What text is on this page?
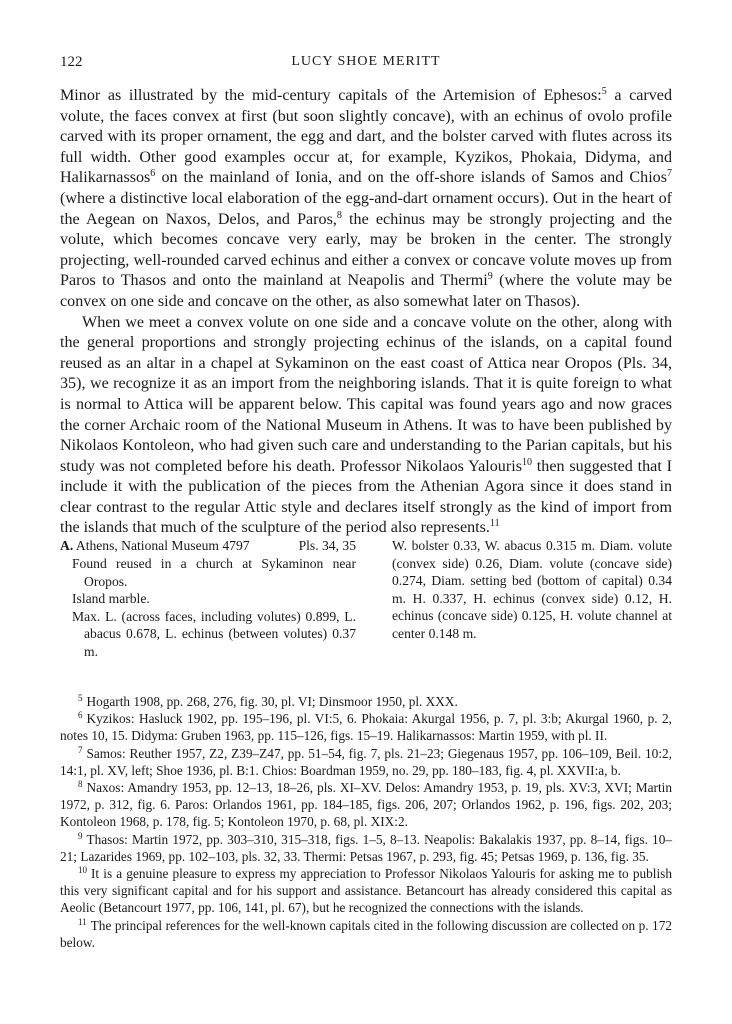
122	LUCY SHOE MERITT

Minor as illustrated by the mid-century capitals of the Artemision of Ephesos:$^5$ a carved volute, the faces convex at first (but soon slightly concave), with an echinus of ovolo profile carved with its proper ornament, the egg and dart, and the bolster carved with flutes across its full width. Other good examples occur at, for example, Kyzikos, Phokaia, Didyma, and Halikarnassos$^6$ on the mainland of Ionia, and on the off-shore islands of Samos and Chios$^7$ (where a distinctive local elaboration of the egg-and-dart ornament occurs). Out in the heart of the Aegean on Naxos, Delos, and Paros,$^8$ the echinus may be strongly projecting and the volute, which becomes concave very early, may be broken in the center. The strongly projecting, well-rounded carved echinus and either a convex or concave volute moves up from Paros to Thasos and onto the mainland at Neapolis and Thermi$^9$ (where the volute may be convex on one side and concave on the other, as also somewhat later on Thasos).

When we meet a convex volute on one side and a concave volute on the other, along with the general proportions and strongly projecting echinus of the islands, on a capital found reused as an altar in a chapel at Sykaminon on the east coast of Attica near Oropos (Pls. 34, 35), we recognize it as an import from the neighboring islands. That it is quite foreign to what is normal to Attica will be apparent below. This capital was found years ago and now graces the corner Archaic room of the National Museum in Athens. It was to have been published by Nikolaos Kontoleon, who had given such care and understanding to the Parian capitals, but his study was not completed before his death. Professor Nikolaos Yalouris$^{10}$ then suggested that I include it with the publication of the pieces from the Athenian Agora since it does stand in clear contrast to the regular Attic style and declares itself strongly as the kind of import from the islands that much of the sculpture of the period also represents.$^{11}$

A. Athens, National Museum 4797	Pls. 34, 35
Found reused in a church at Sykaminon near Oropos.
Island marble.
Max. L. (across faces, including volutes) 0.899, L. abacus 0.678, L. echinus (between volutes) 0.37 m.
W. bolster 0.33, W. abacus 0.315 m. Diam. volute (convex side) 0.26, Diam. volute (concave side) 0.274, Diam. setting bed (bottom of capital) 0.34 m. H. 0.337, H. echinus (convex side) 0.12, H. echinus (concave side) 0.125, H. volute channel at center 0.148 m.

$^5$ Hogarth 1908, pp. 268, 276, fig. 30, pl. VI; Dinsmoor 1950, pl. XXX.

$^6$ Kyzikos: Hasluck 1902, pp. 195–196, pl. VI:5, 6. Phokaia: Akurgal 1956, p. 7, pl. 3:b; Akurgal 1960, p. 2, notes 10, 15. Didyma: Gruben 1963, pp. 115–126, figs. 15–19. Halikarnassos: Martin 1959, with pl. II.

$^7$ Samos: Reuther 1957, Z2, Z39–Z47, pp. 51–54, fig. 7, pls. 21–23; Giegenaus 1957, pp. 106–109, Beil. 10:2, 14:1, pl. XV, left; Shoe 1936, pl. B:1. Chios: Boardman 1959, no. 29, pp. 180–183, fig. 4, pl. XXVII:a, b.

$^8$ Naxos: Amandry 1953, pp. 12–13, 18–26, pls. XI–XV. Delos: Amandry 1953, p. 19, pls. XV:3, XVI; Martin 1972, p. 312, fig. 6. Paros: Orlandos 1961, pp. 184–185, figs. 206, 207; Orlandos 1962, p. 196, figs. 202, 203; Kontoleon 1968, p. 178, fig. 5; Kontoleon 1970, p. 68, pl. XIX:2.

$^9$ Thasos: Martin 1972, pp. 303–310, 315–318, figs. 1–5, 8–13. Neapolis: Bakalakis 1937, pp. 8–14, figs. 10–21; Lazarides 1969, pp. 102–103, pls. 32, 33. Thermi: Petsas 1967, p. 293, fig. 45; Petsas 1969, p. 136, fig. 35.

$^{10}$ It is a genuine pleasure to express my appreciation to Professor Nikolaos Yalouris for asking me to publish this very significant capital and for his support and assistance. Betancourt has already considered this capital as Aeolic (Betancourt 1977, pp. 106, 141, pl. 67), but he recognized the connections with the islands.

$^{11}$ The principal references for the well-known capitals cited in the following discussion are collected on p. 172 below.
